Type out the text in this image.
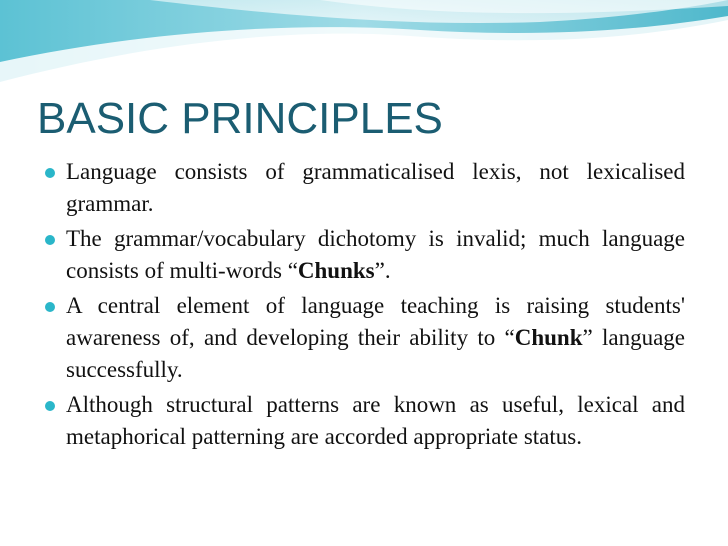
BASIC PRINCIPLES
Language consists of grammaticalised lexis, not lexicalised grammar.
The grammar/vocabulary dichotomy is invalid; much language consists of multi-words “Chunks”.
A central element of language teaching is raising students' awareness of, and developing their ability to “Chunk” language successfully.
Although structural patterns are known as useful, lexical and metaphorical patterning are accorded appropriate status.
